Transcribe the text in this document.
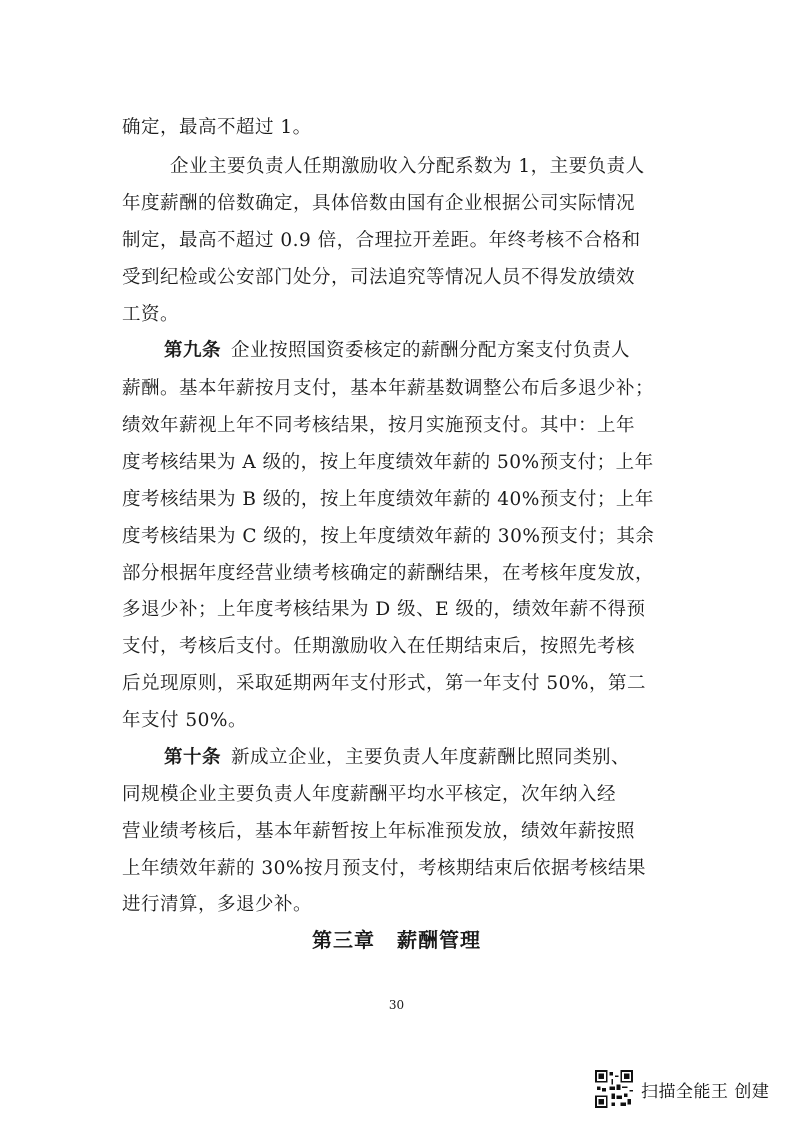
确定，最高不超过 1。
企业主要负责人任期激励收入分配系数为 1，主要负责人
年度薪酬的倍数确定，具体倍数由国有企业根据公司实际情况
制定，最高不超过 0.9 倍，合理拉开差距。年终考核不合格和
受到纪检或公安部门处分，司法追究等情况人员不得发放绩效
工资。
第九条 企业按照国资委核定的薪酬分配方案支付负责人
薪酬。基本年薪按月支付，基本年薪基数调整公布后多退少补；
绩效年薪视上年不同考核结果，按月实施预支付。其中：上年
度考核结果为 A 级的，按上年度绩效年薪的 50%预支付；上年
度考核结果为 B 级的，按上年度绩效年薪的 40%预支付；上年
度考核结果为 C 级的，按上年度绩效年薪的 30%预支付；其余
部分根据年度经营业绩考核确定的薪酬结果，在考核年度发放，
多退少补；上年度考核结果为 D 级、E 级的，绩效年薪不得预
支付，考核后支付。任期激励收入在任期结束后，按照先考核
后兑现原则，采取延期两年支付形式，第一年支付 50%，第二
年支付 50%。
第十条 新成立企业，主要负责人年度薪酬比照同类别、
同规模企业主要负责人年度薪酬平均水平核定，次年纳入经
营业绩考核后，基本年薪暂按上年标准预发放，绩效年薪按照
上年绩效年薪的 30%按月预支付，考核期结束后依据考核结果
进行清算，多退少补。
第三章 薪酬管理
30
扫描全能王 创建
